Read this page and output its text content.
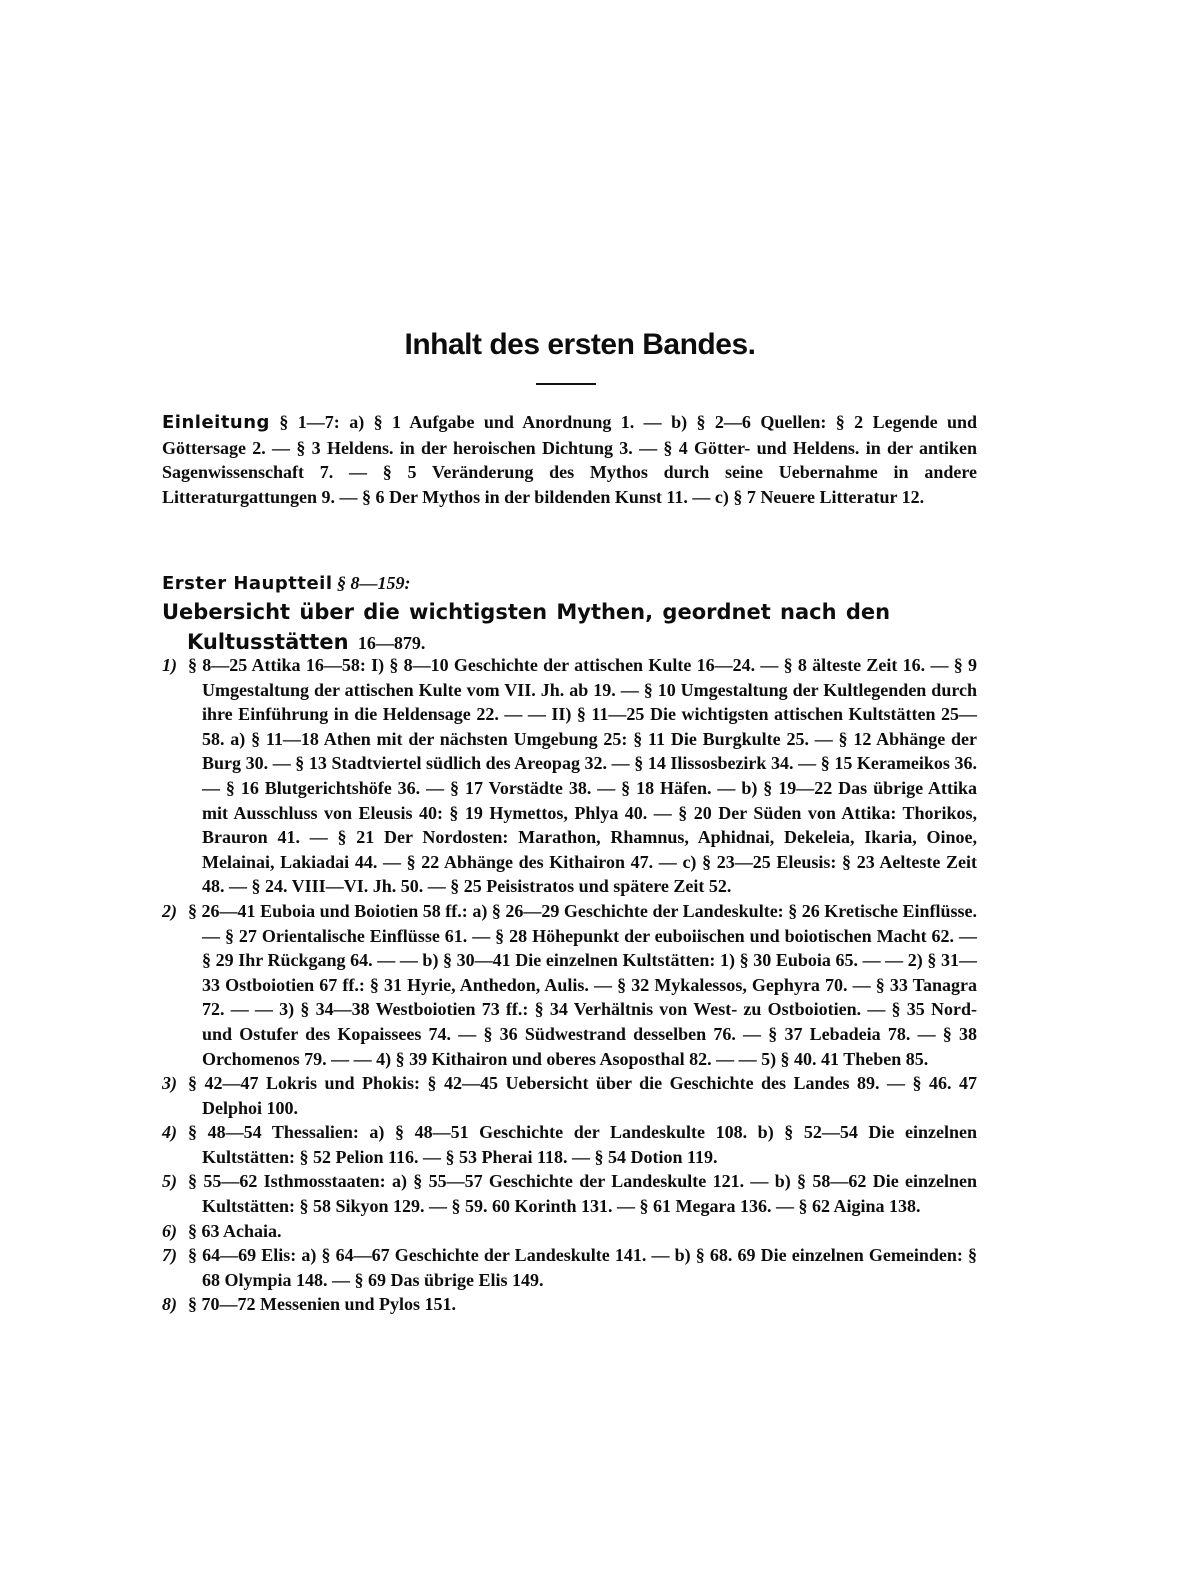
Inhalt des ersten Bandes.
Einleitung § 1—7: a) § 1 Aufgabe und Anordnung 1. — b) § 2—6 Quellen: § 2 Legende und Göttersage 2. — § 3 Heldens. in der heroischen Dichtung 3. — § 4 Götter- und Heldens. in der antiken Sagenwissenschaft 7. — § 5 Veränderung des Mythos durch seine Uebernahme in andere Litteraturgattungen 9. — § 6 Der Mythos in der bildenden Kunst 11. — c) § 7 Neuere Litteratur 12.
Erster Hauptteil § 8—159:
Uebersicht über die wichtigsten Mythen, geordnet nach den Kultusstätten 16—879.
1) § 8—25 Attika 16—58: I) § 8—10 Geschichte der attischen Kulte 16—24. — § 8 älteste Zeit 16. — § 9 Umgestaltung der attischen Kulte vom VII. Jh. ab 19. — § 10 Umgestaltung der Kultlegenden durch ihre Einführung in die Heldensage 22. — — II) § 11—25 Die wichtigsten attischen Kultstätten 25—58. a) § 11—18 Athen mit der nächsten Umgebung 25: § 11 Die Burgkulte 25. — § 12 Abhänge der Burg 30. — § 13 Stadtviertel südlich des Areopag 32. — § 14 Ilissosbezirk 34. — § 15 Kerameikos 36. — § 16 Blutgerichtshöfe 36. — § 17 Vorstädte 38. — § 18 Häfen. — b) § 19—22 Das übrige Attika mit Ausschluss von Eleusis 40: § 19 Hymettos, Phlya 40. — § 20 Der Süden von Attika: Thorikos, Brauron 41. — § 21 Der Nordosten: Marathon, Rhamnus, Aphidnai, Dekeleia, Ikaria, Oinoe, Melainai, Lakiadai 44. — § 22 Abhänge des Kithairon 47. — c) § 23—25 Eleusis: § 23 Aelteste Zeit 48. — § 24. VIII—VI. Jh. 50. — § 25 Peisistratos und spätere Zeit 52.
2) § 26—41 Euboia und Boiotien 58 ff.: a) § 26—29 Geschichte der Landeskulte: § 26 Kretische Einflüsse. — § 27 Orientalische Einflüsse 61. — § 28 Höhepunkt der euboiischen und boiotischen Macht 62. — § 29 Ihr Rückgang 64. — — b) § 30—41 Die einzelnen Kultstätten: 1) § 30 Euboia 65. — — 2) § 31—33 Ostboiotien 67 ff.: § 31 Hyrie, Anthedon, Aulis. — § 32 Mykalessos, Gephyra 70. — § 33 Tanagra 72. — — 3) § 34—38 Westboiotien 73 ff.: § 34 Verhältnis von West- zu Ostboiotien. — § 35 Nord- und Ostufer des Kopaissees 74. — § 36 Südwestrand desselben 76. — § 37 Lebadeia 78. — § 38 Orchomenos 79. — — 4) § 39 Kithairon und oberes Asoposthal 82. — — 5) § 40. 41 Theben 85.
3) § 42—47 Lokris und Phokis: § 42—45 Uebersicht über die Geschichte des Landes 89. — § 46. 47 Delphoi 100.
4) § 48—54 Thessalien: a) § 48—51 Geschichte der Landeskulte 108. b) § 52—54 Die einzelnen Kultstätten: § 52 Pelion 116. — § 53 Pherai 118. — § 54 Dotion 119.
5) § 55—62 Isthmosstaaten: a) § 55—57 Geschichte der Landeskulte 121. — b) § 58—62 Die einzelnen Kultstätten: § 58 Sikyon 129. — § 59. 60 Korinth 131. — § 61 Megara 136. — § 62 Aigina 138.
6) § 63 Achaia.
7) § 64—69 Elis: a) § 64—67 Geschichte der Landeskulte 141. — b) § 68. 69 Die einzelnen Gemeinden: § 68 Olympia 148. — § 69 Das übrige Elis 149.
8) § 70—72 Messenien und Pylos 151.
